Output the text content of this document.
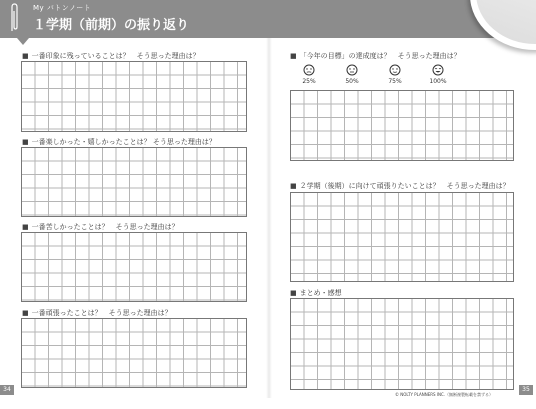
My バトンノート
１学期（前期）の振り返り
■ 一番印象に残っていることは？　そう思った理由は？
■ 一番楽しかった・嬉しかったことは？ そう思った理由は？
■ 一番苦しかったことは？　そう思った理由は？
■ 一番頑張ったことは？　そう思った理由は？
34
■ 「今年の目標」の達成度は？　そう思った理由は？
25%	50%	75%	100%
■ ２学期（後期）に向けて頑張りたいことは？　そう思った理由は？
■ まとめ・感想
© NOLTY PLANNERS INC.（無断複製転載を禁ずる）
35
